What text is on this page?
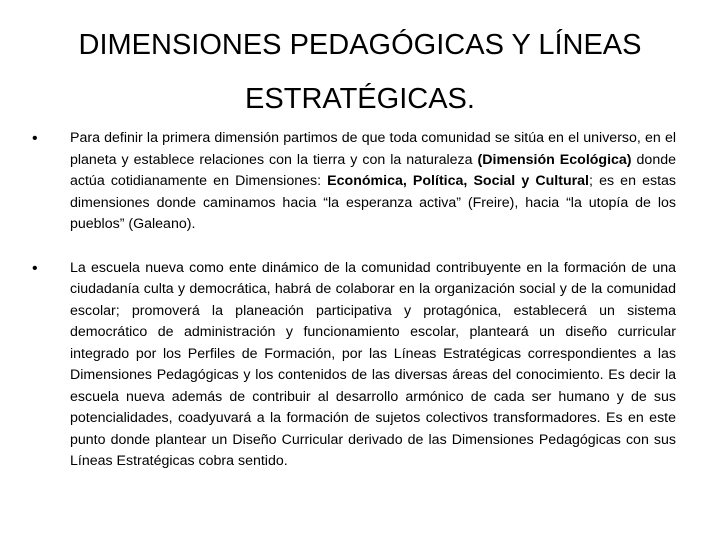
DIMENSIONES PEDAGÓGICAS Y LÍNEAS
ESTRATÉGICAS.
• Para definir la primera dimensión partimos de que toda comunidad se sitúa en el universo, en el planeta y establece relaciones con la tierra y con la naturaleza (Dimensión Ecológica) donde actúa cotidianamente en Dimensiones: Económica, Política, Social y Cultural; es en estas dimensiones donde caminamos hacia “la esperanza activa” (Freire), hacia “la utopía de los pueblos” (Galeano).
• La escuela nueva como ente dinámico de la comunidad contribuyente en la formación de una ciudadanía culta y democrática, habrá de colaborar en la organización social y de la comunidad escolar; promoverá la planeación participativa y protagónica, establecerá un sistema democrático de administración y funcionamiento escolar, planteará un diseño curricular integrado por los Perfiles de Formación, por las Líneas Estratégicas correspondientes a las Dimensiones Pedagógicas y los contenidos de las diversas áreas del conocimiento. Es decir la escuela nueva además de contribuir al desarrollo armónico de cada ser humano y de sus potencialidades, coadyuvará a la formación de sujetos colectivos transformadores. Es en este punto donde plantear un Diseño Curricular derivado de las Dimensiones Pedagógicas con sus Líneas Estratégicas cobra sentido.
